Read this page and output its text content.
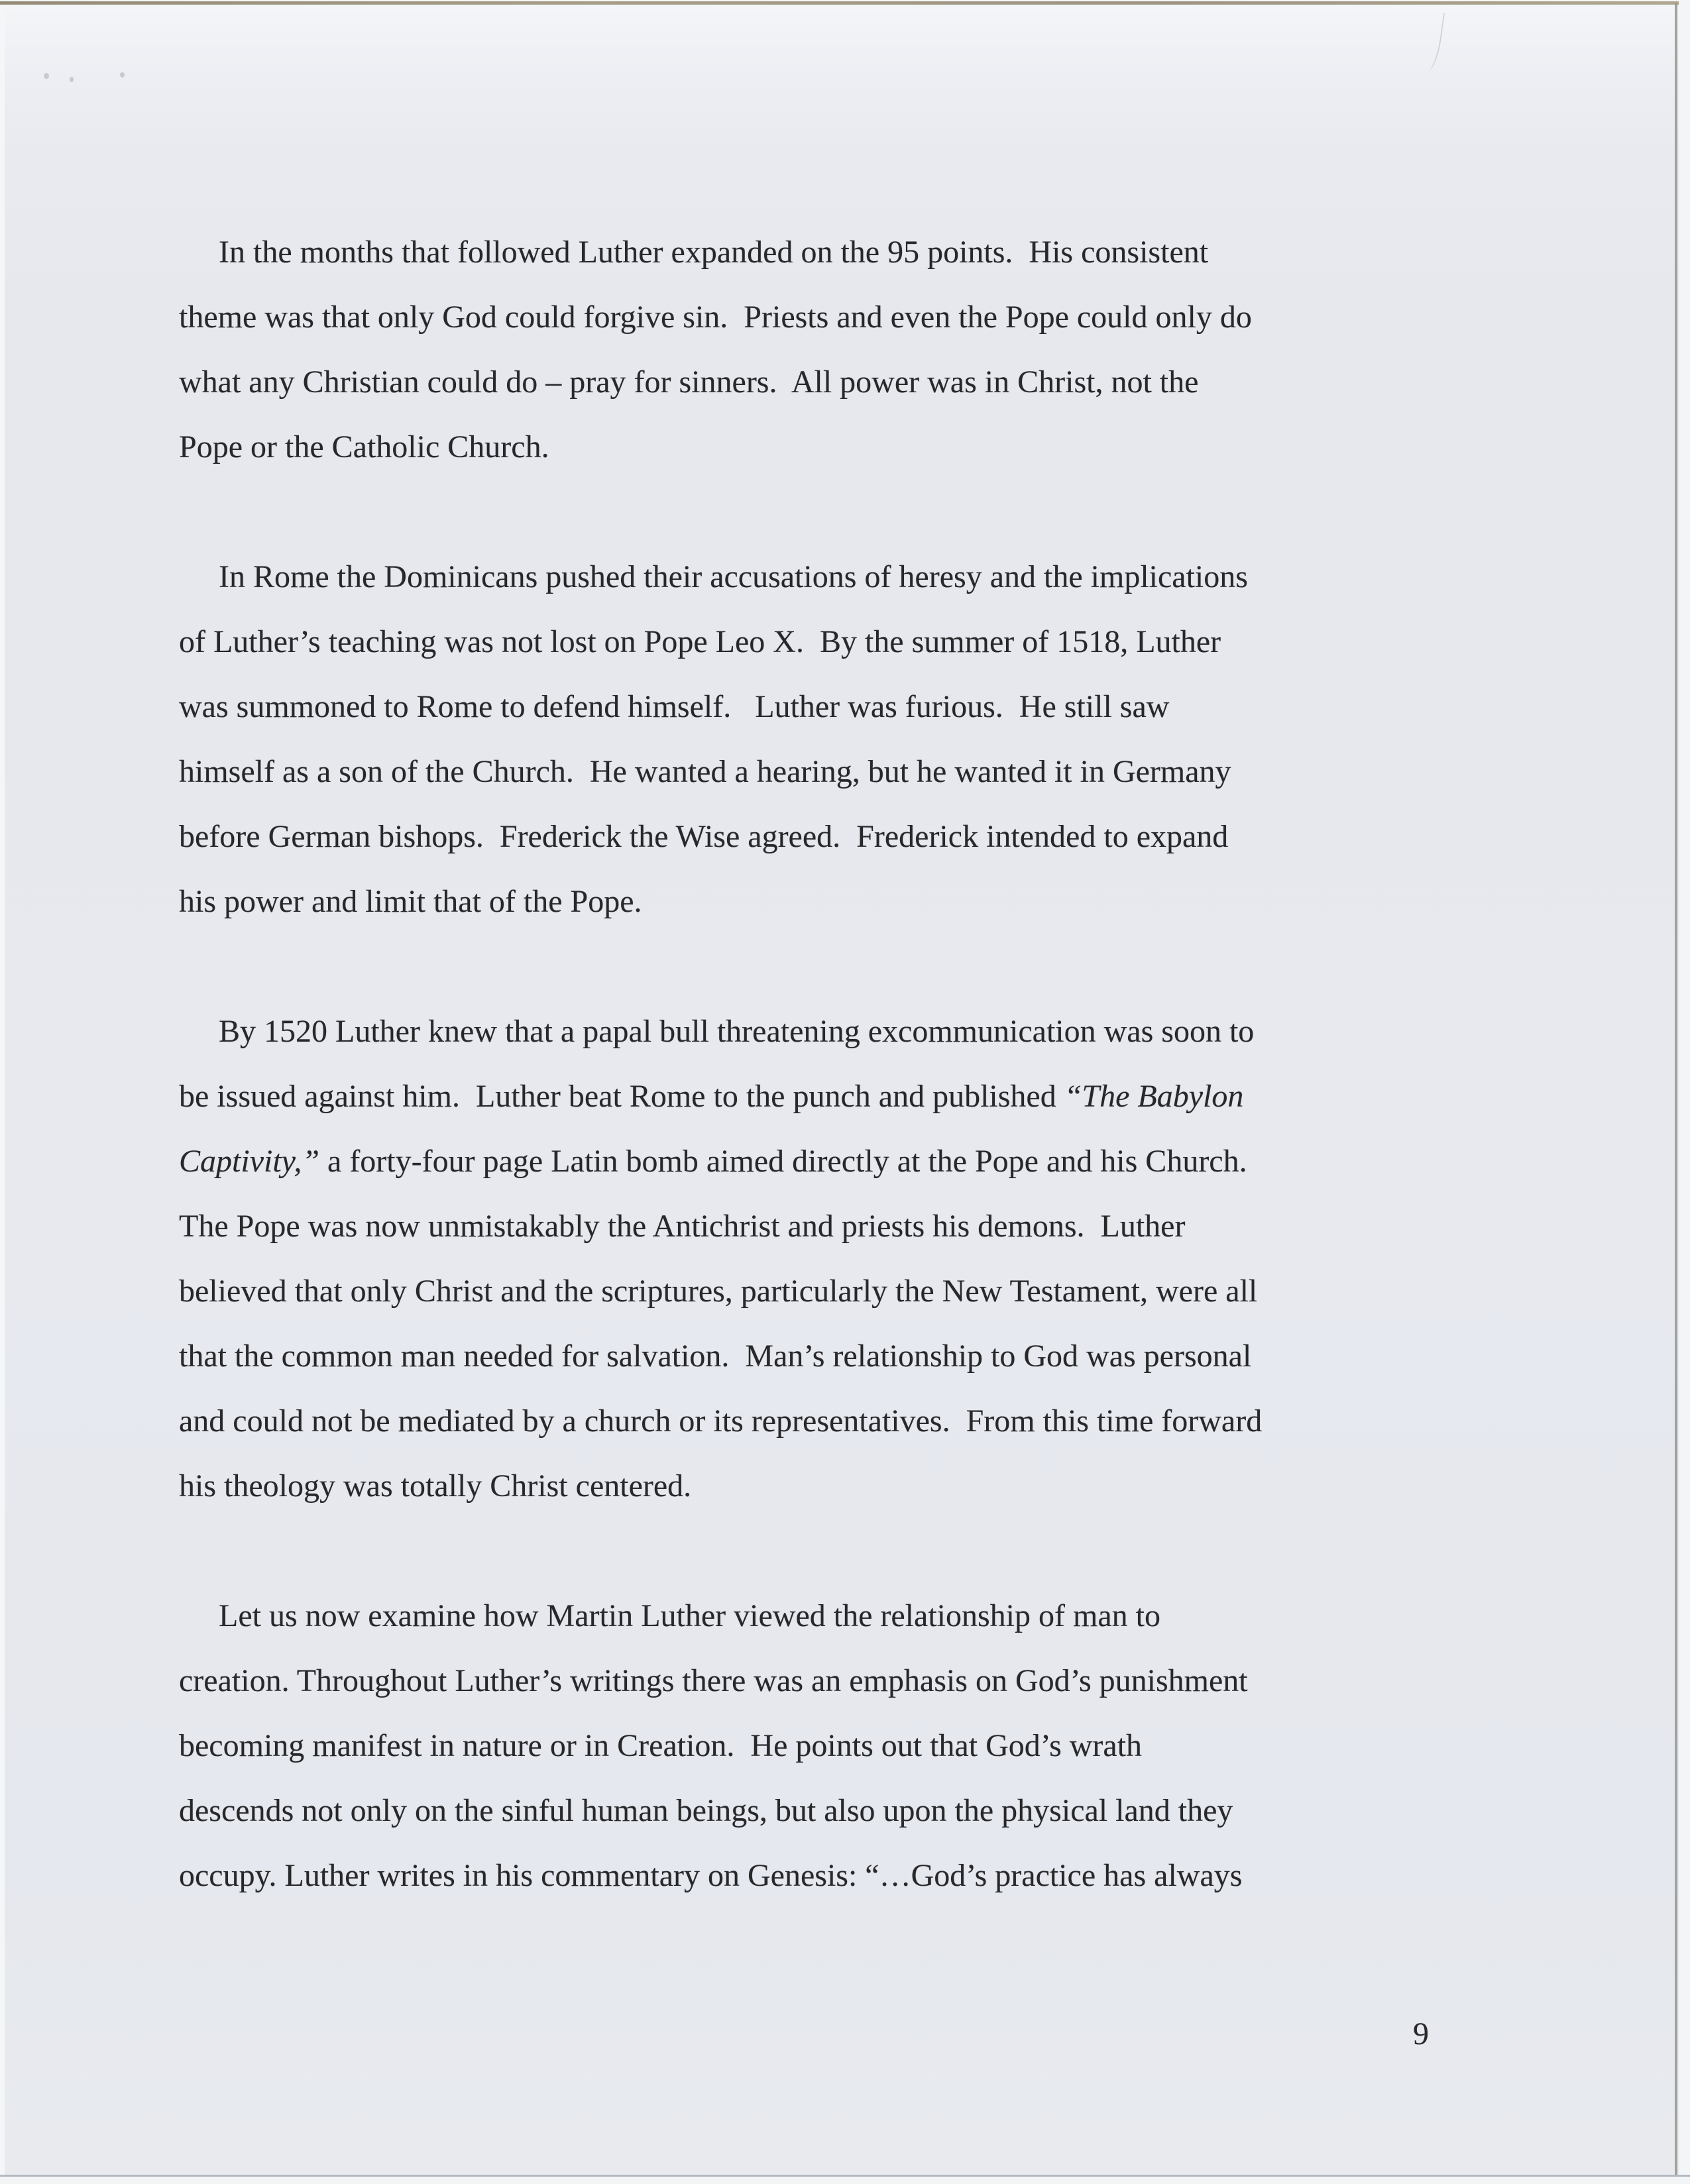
In the months that followed Luther expanded on the 95 points.  His consistent
theme was that only God could forgive sin.  Priests and even the Pope could only do
what any Christian could do – pray for sinners.  All power was in Christ, not the
Pope or the Catholic Church.

In Rome the Dominicans pushed their accusations of heresy and the implications
of Luther’s teaching was not lost on Pope Leo X.  By the summer of 1518, Luther
was summoned to Rome to defend himself.   Luther was furious.  He still saw
himself as a son of the Church.  He wanted a hearing, but he wanted it in Germany
before German bishops.  Frederick the Wise agreed.  Frederick intended to expand
his power and limit that of the Pope.

By 1520 Luther knew that a papal bull threatening excommunication was soon to
be issued against him.  Luther beat Rome to the punch and published “The Babylon
Captivity,” a forty-four page Latin bomb aimed directly at the Pope and his Church.
The Pope was now unmistakably the Antichrist and priests his demons.  Luther
believed that only Christ and the scriptures, particularly the New Testament, were all
that the common man needed for salvation.  Man’s relationship to God was personal
and could not be mediated by a church or its representatives.  From this time forward
his theology was totally Christ centered.

Let us now examine how Martin Luther viewed the relationship of man to
creation. Throughout Luther’s writings there was an emphasis on God’s punishment
becoming manifest in nature or in Creation.  He points out that God’s wrath
descends not only on the sinful human beings, but also upon the physical land they
occupy. Luther writes in his commentary on Genesis: “…God’s practice has always

9
